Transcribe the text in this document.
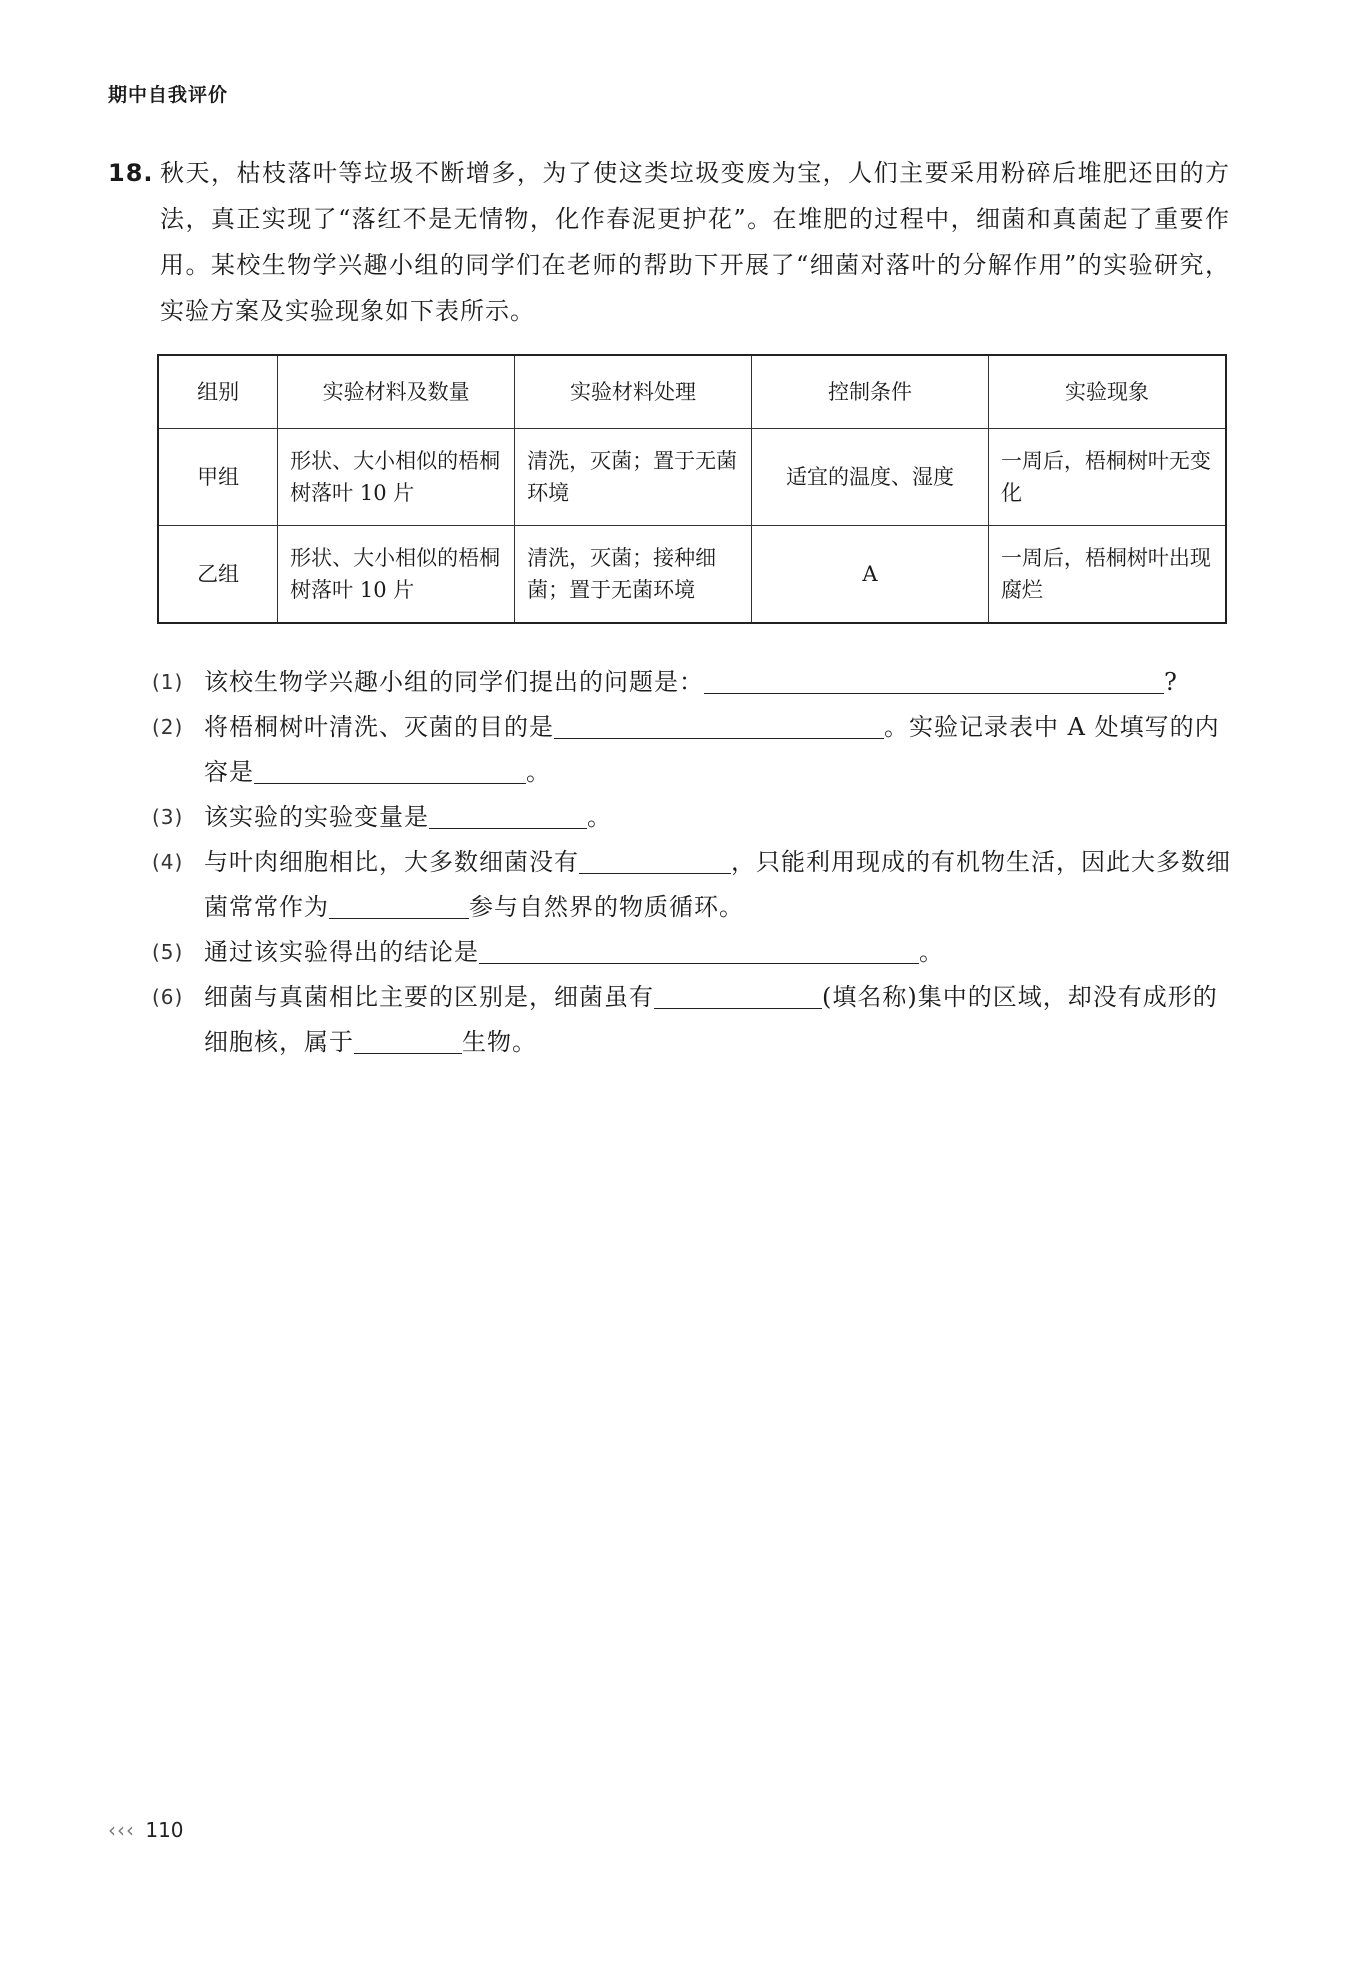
期中自我评价
18. 秋天，枯枝落叶等垃圾不断增多，为了使这类垃圾变废为宝，人们主要采用粉碎后堆肥还田的方法，真正实现了“落红不是无情物，化作春泥更护花”。在堆肥的过程中，细菌和真菌起了重要作用。某校生物学兴趣小组的同学们在老师的帮助下开展了“细菌对落叶的分解作用”的实验研究，实验方案及实验现象如下表所示。
组别	实验材料及数量	实验材料处理	控制条件	实验现象
甲组	形状、大小相似的梧桐树落叶 10 片	清洗，灭菌；置于无菌环境	适宜的温度、湿度	一周后，梧桐树叶无变化
乙组	形状、大小相似的梧桐树落叶 10 片	清洗，灭菌；接种细菌；置于无菌环境	A	一周后，梧桐树叶出现腐烂
(1) 该校生物学兴趣小组的同学们提出的问题是：	?
(2) 将梧桐树叶清洗、灭菌的目的是	。实验记录表中 A 处填写的内容是	。
(3) 该实验的实验变量是	。
(4) 与叶肉细胞相比，大多数细菌没有	，只能利用现成的有机物生活，因此大多数细菌常常作为	参与自然界的物质循环。
(5) 通过该实验得出的结论是	。
(6) 细菌与真菌相比主要的区别是，细菌虽有	(填名称)集中的区域，却没有成形的细胞核，属于	生物。
‹‹‹ 110
